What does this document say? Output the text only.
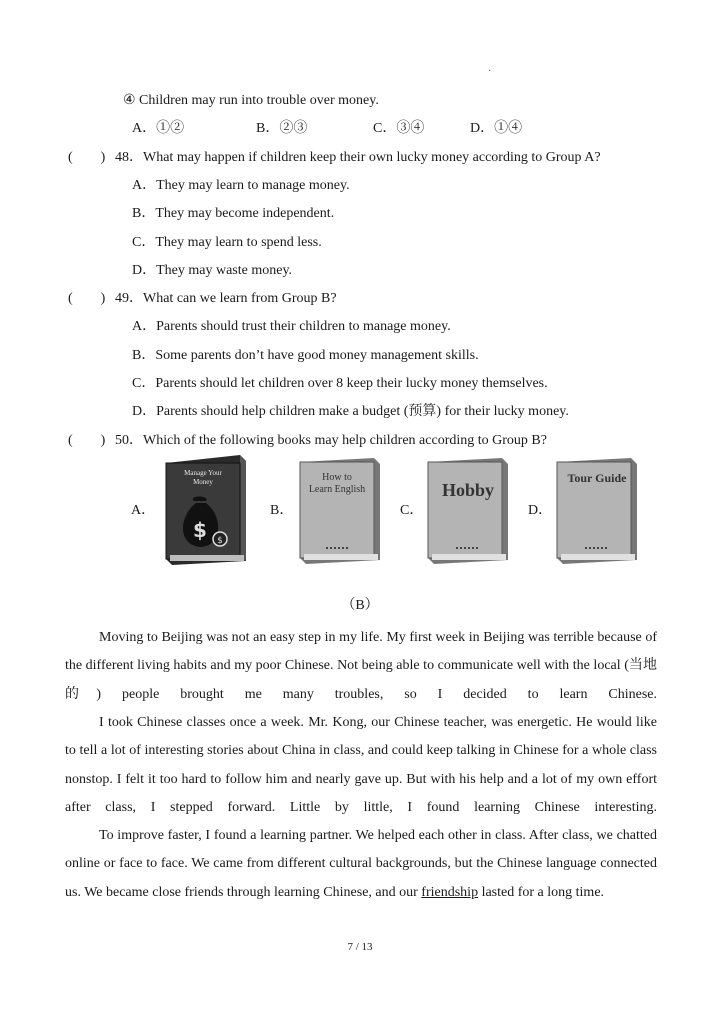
·
④ Children may run into trouble over money.
A．①②	B．②③	C．③④	D．①④
(　　) 48．What may happen if children keep their own lucky money according to Group A?
A．They may learn to manage money.
B．They may become independent.
C．They may learn to spend less.
D．They may waste money.
(　　) 49．What can we learn from Group B?
A．Parents should trust their children to manage money.
B．Some parents don’t have good money management skills.
C．Parents should let children over 8 keep their lucky money themselves.
D．Parents should help children make a budget (预算) for their lucky money.
(　　) 50．Which of the following books may help children according to Group B?
A．	B．	C．	D．
Manage Your
Money
$ $
How to
Learn English	Hobby
Tour Guide
（B）
Moving to Beijing was not an easy step in my life. My first week in Beijing was terrible because of the different living habits and my poor Chinese. Not being able to communicate well with the local (当地的) people brought me many troubles, so I decided to learn Chinese.
I took Chinese classes once a week. Mr. Kong, our Chinese teacher, was energetic. He would like to tell a lot of interesting stories about China in class, and could keep talking in Chinese for a whole class nonstop. I felt it too hard to follow him and nearly gave up. But with his help and a lot of my own effort after class, I stepped forward. Little by little, I found learning Chinese interesting.
To improve faster, I found a learning partner. We helped each other in class. After class, we chatted online or face to face. We came from different cultural backgrounds, but the Chinese language connected us. We became close friends through learning Chinese, and our friendship lasted for a long time.
7 / 13
